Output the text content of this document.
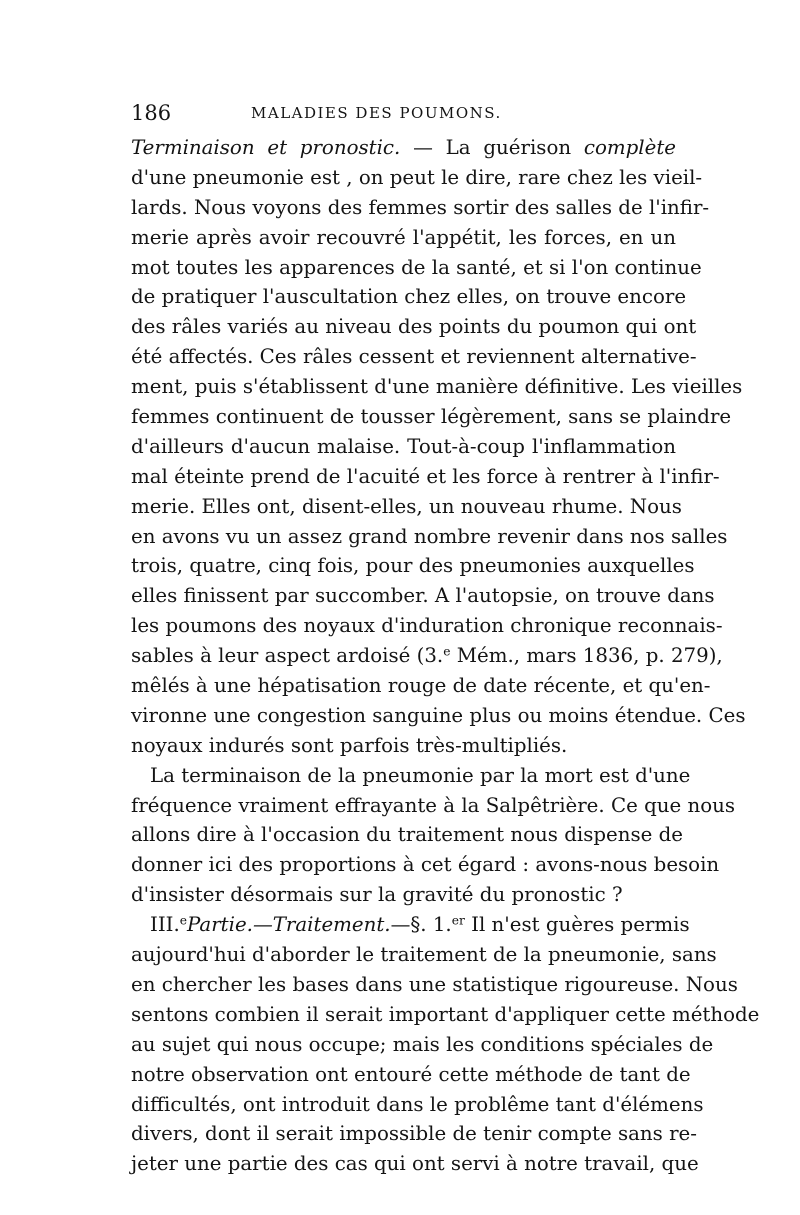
186	MALADIES DES POUMONS.
Terminaison et pronostic. — La guérison complète
d'une pneumonie est , on peut le dire, rare chez les vieil-
lards. Nous voyons des femmes sortir des salles de l'infir-
merie après avoir recouvré l'appétit, les forces, en un
mot toutes les apparences de la santé, et si l'on continue
de pratiquer l'auscultation chez elles, on trouve encore
des râles variés au niveau des points du poumon qui ont
été affectés. Ces râles cessent et reviennent alternative-
ment, puis s'établissent d'une manière définitive. Les vieilles
femmes continuent de tousser légèrement, sans se plaindre
d'ailleurs d'aucun malaise. Tout-à-coup l'inflammation
mal éteinte prend de l'acuité et les force à rentrer à l'infir-
merie. Elles ont, disent-elles, un nouveau rhume. Nous
en avons vu un assez grand nombre revenir dans nos salles
trois, quatre, cinq fois, pour des pneumonies auxquelles
elles finissent par succomber. A l'autopsie, on trouve dans
les poumons des noyaux d'induration chronique reconnais-
sables à leur aspect ardoisé (3.$^e$ Mém., mars 1836, p. 279),
mêlés à une hépatisation rouge de date récente, et qu'en-
vironne une congestion sanguine plus ou moins étendue. Ces
noyaux indurés sont parfois très-multipliés.
La terminaison de la pneumonie par la mort est d'une
fréquence vraiment effrayante à la Salpêtrière. Ce que nous
allons dire à l'occasion du traitement nous dispense de
donner ici des proportions à cet égard : avons-nous besoin
d'insister désormais sur la gravité du pronostic ?
III.$^e$Partie.—Traitement.—§. 1.$^{er}$ Il n'est guères permis
aujourd'hui d'aborder le traitement de la pneumonie, sans
en chercher les bases dans une statistique rigoureuse. Nous
sentons combien il serait important d'appliquer cette méthode
au sujet qui nous occupe; mais les conditions spéciales de
notre observation ont entouré cette méthode de tant de
difficultés, ont introduit dans le problême tant d'élémens
divers, dont il serait impossible de tenir compte sans re-
jeter une partie des cas qui ont servi à notre travail, que
